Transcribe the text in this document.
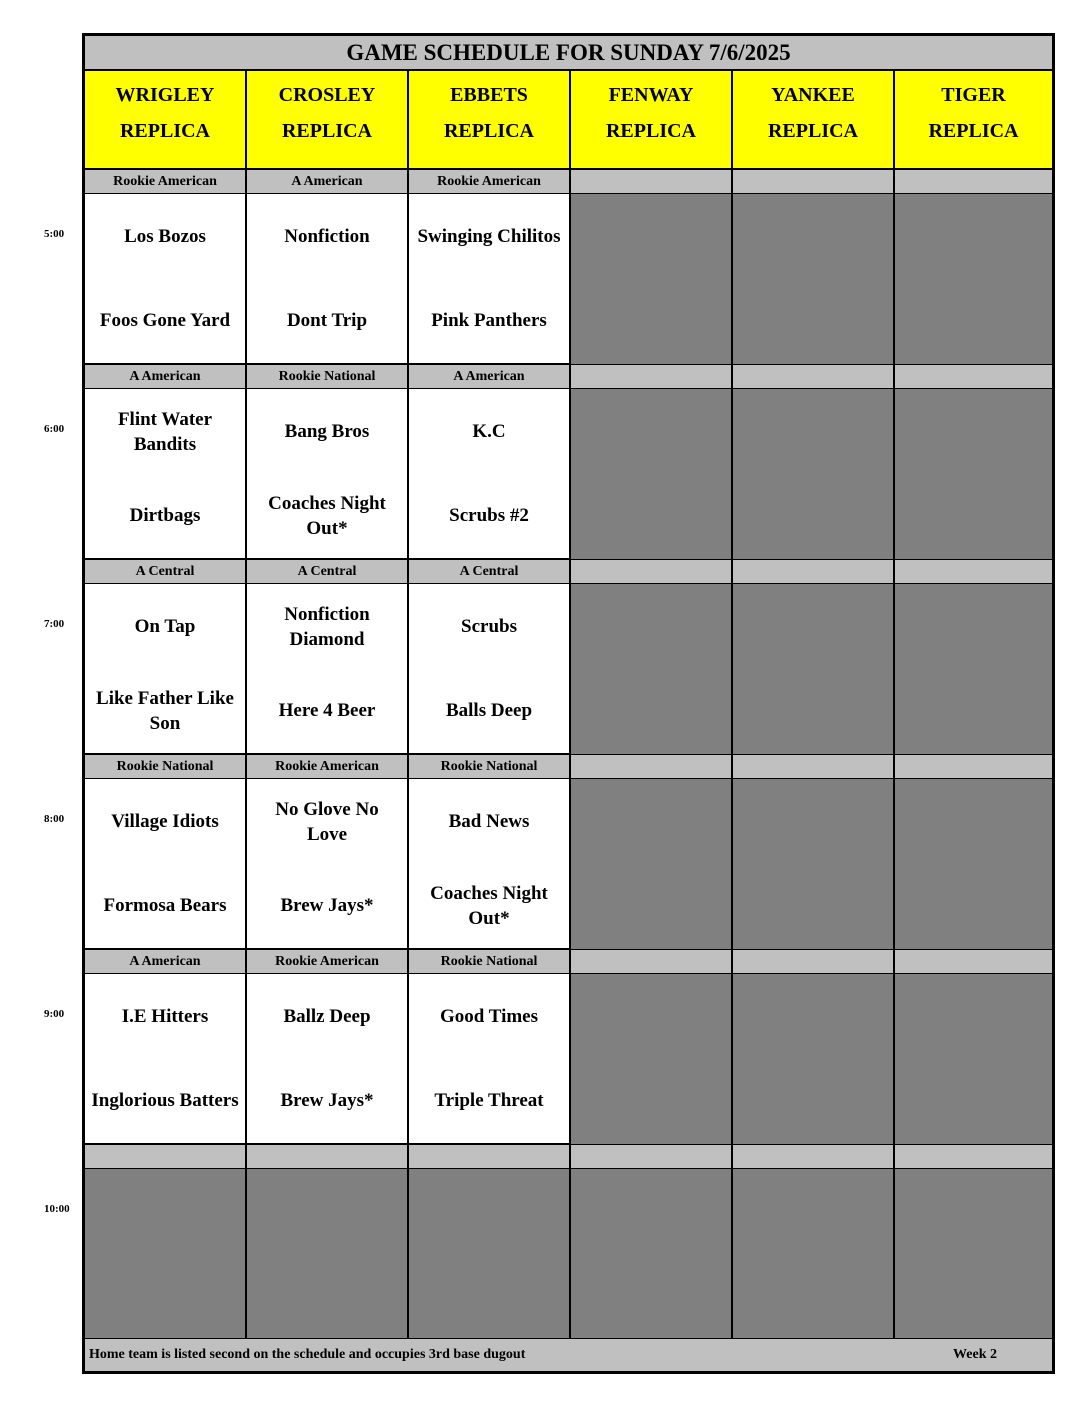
5:00
6:00
7:00
8:00
9:00
10:00
GAME SCHEDULE FOR SUNDAY 7/6/2025
WRIGLEY
REPLICA
CROSLEY
REPLICA
EBBETS
REPLICA
FENWAY
REPLICA
YANKEE
REPLICA
TIGER
REPLICA
Rookie American
Los Bozos
Foos Gone Yard
A American
Nonfiction
Dont Trip
Rookie American
Swinging Chilitos
Pink Panthers
A American
Flint Water Bandits
Dirtbags
Rookie National
Bang Bros
Coaches Night Out*
A American
K.C
Scrubs #2
A Central
On Tap
Like Father Like Son
A Central
Nonfiction Diamond
Here 4 Beer
A Central
Scrubs
Balls Deep
Rookie National
Village Idiots
Formosa Bears
Rookie American
No Glove No Love
Brew Jays*
Rookie National
Bad News
Coaches Night Out*
A American
I.E Hitters
Inglorious Batters
Rookie American
Ballz Deep
Brew Jays*
Rookie National
Good Times
Triple Threat
Home team is listed second on the schedule and occupies 3rd base dugout	Week 2
